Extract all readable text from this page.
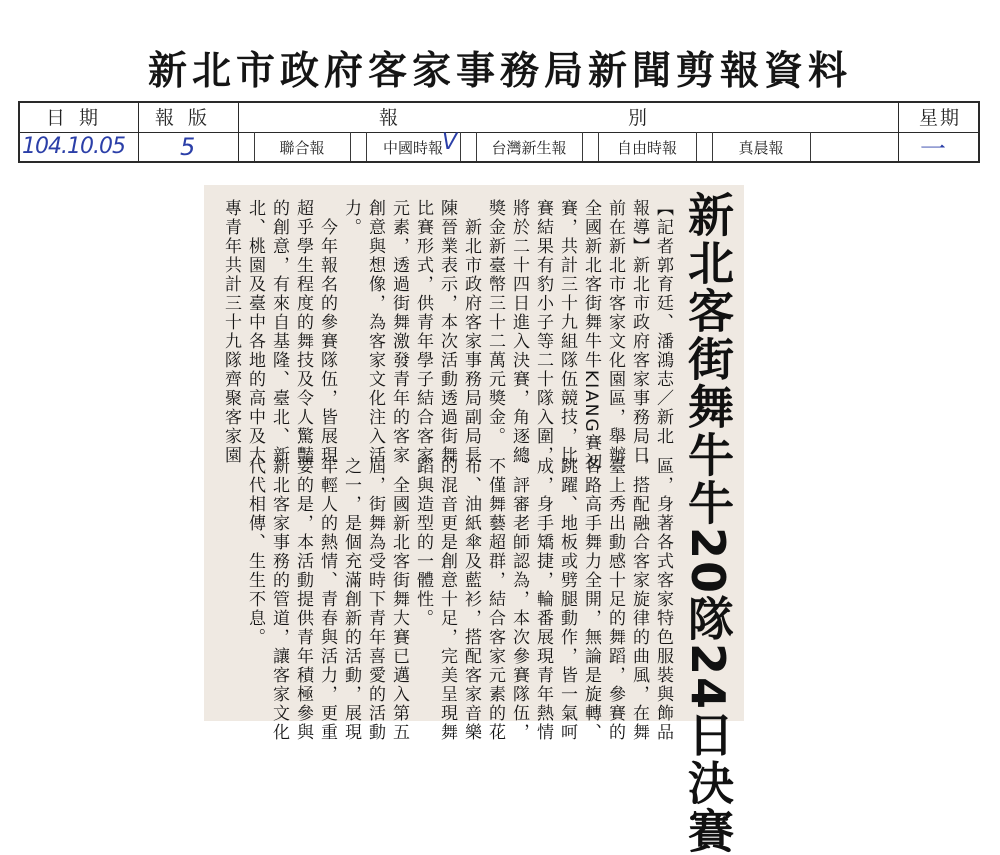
新北市政府客家事務局新聞剪報資料
日期	報版	報別	星期
104.10.05 5	聯合報	中國時報 V	台灣新生報	自由時報	真晨報	一
新北客街舞牛牛20隊24日決賽
【記者郭育廷、潘鴻志／新北
報導】新北市政府客家事務局日
前在新北市客家文化園區，舉辦
全國新北客街舞牛牛KIANG賽初
賽，共計三十九組隊伍競技，比
賽結果有豹小子等二十隊入圍，
將於二十四日進入決賽，角逐總
獎金新臺幣三十二萬元獎金。
　新北市政府客家事務局副局長
陳晉業表示，本次活動透過街舞
比賽形式，供青年學子結合客家
元素，透過街舞激發青年的客家
創意與想像，為客家文化注入活
力。
　今年報名的參賽隊伍，皆展現
超乎學生程度的舞技及令人驚豔
的創意，有來自基隆、臺北、新
北、桃園及臺中各地的高中及大
專青年共計三十九隊齊聚客家園
區，身著各式客家特色服裝與飾品
，搭配融合客家旋律的曲風，在舞
臺上秀出動感十足的舞蹈，參賽的
各路高手舞力全開，無論是旋轉、
跳躍、地板或劈腿動作，皆一氣呵
成，身手矯捷，輪番展現青年熱情
。評審老師認為，本次參賽隊伍，
不僅舞藝超群，結合客家元素的花
布、油紙傘及藍衫，搭配客家音樂
的混音更是創意十足，完美呈現舞
蹈與造型的一體性。
　全國新北客街舞大賽已邁入第五
屆，街舞為受時下青年喜愛的活動
之一，是個充滿創新的活動，展現
年輕人的熱情、青春與活力，更重
要的是，本活動提供青年積極參與
新北客家事務的管道，讓客家文化
代代相傳、生生不息。
